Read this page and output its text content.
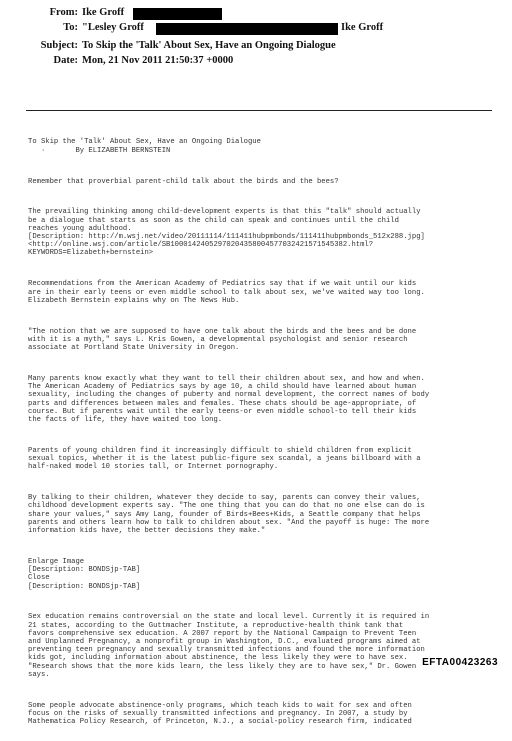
From: Ike Groff
To: "Lesley Groff	Ike Groff
Subject: To Skip the 'Talk' About Sex, Have an Ongoing Dialogue
Date: Mon, 21 Nov 2011 21:50:37 +0000

To Skip the 'Talk' About Sex, Have an Ongoing Dialogue
·       By ELIZABETH BERNSTEIN

Remember that proverbial parent-child talk about the birds and the bees?

The prevailing thinking among child-development experts is that this "talk" should actually
be a dialogue that starts as soon as the child can speak and continues until the child
reaches young adulthood.
[Description: http://m.wsj.net/video/20111114/111411hubpmbonds/111411hubpmbonds_512x288.jpg]
<http://online.wsj.com/article/SB10001424052970204358004577032421571545382.html?
KEYWORDS=Elizabeth+bernstein>

Recommendations from the American Academy of Pediatrics say that if we wait until our kids
are in their early teens or even middle school to talk about sex, we've waited way too long.
Elizabeth Bernstein explains why on The News Hub.

"The notion that we are supposed to have one talk about the birds and the bees and be done
with it is a myth," says L. Kris Gowen, a developmental psychologist and senior research
associate at Portland State University in Oregon.

Many parents know exactly what they want to tell their children about sex, and how and when.
The American Academy of Pediatrics says by age 10, a child should have learned about human
sexuality, including the changes of puberty and normal development, the correct names of body
parts and differences between males and females. These chats should be age-appropriate, of
course. But if parents wait until the early teens-or even middle school-to tell their kids
the facts of life, they have waited too long.

Parents of young children find it increasingly difficult to shield children from explicit
sexual topics, whether it is the latest public-figure sex scandal, a jeans billboard with a
half-naked model 10 stories tall, or Internet pornography.

By talking to their children, whatever they decide to say, parents can convey their values,
childhood development experts say. "The one thing that you can do that no one else can do is
share your values," says Amy Lang, founder of Birds+Bees+Kids, a Seattle company that helps
parents and others learn how to talk to children about sex. "And the payoff is huge: The more
information kids have, the better decisions they make."

Enlarge Image
[Description: BONDSjp-TAB]
Close
[Description: BONDSjp-TAB]

Sex education remains controversial on the state and local level. Currently it is required in
21 states, according to the Guttmacher Institute, a reproductive-health think tank that
favors comprehensive sex education. A 2007 report by the National Campaign to Prevent Teen
and Unplanned Pregnancy, a nonprofit group in Washington, D.C., evaluated programs aimed at
preventing teen pregnancy and sexually transmitted infections and found the more information
kids got, including information about abstinence, the less likely they were to have sex.
"Research shows that the more kids learn, the less likely they are to have sex," Dr. Gowen
says.

Some people advocate abstinence-only programs, which teach kids to wait for sex and often
focus on the risks of sexually transmitted infections and pregnancy. In 2007, a study by
Mathematica Policy Research, of Princeton, N.J., a social-policy research firm, indicated

EFTA00423263
